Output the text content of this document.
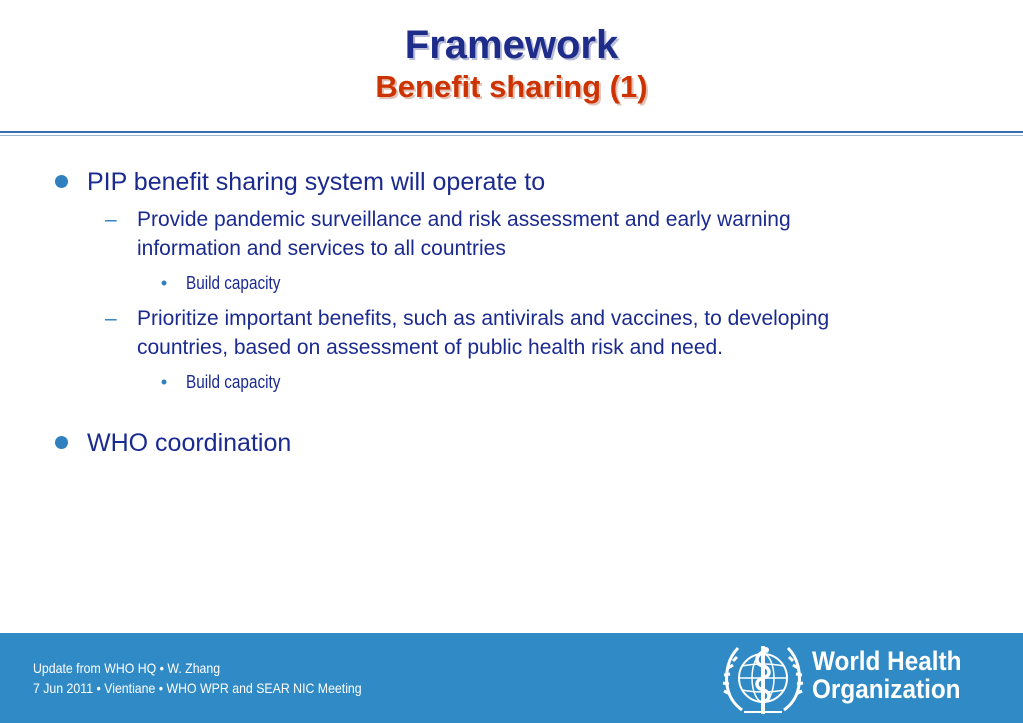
Framework
Benefit sharing (1)
PIP benefit sharing system will operate to
– Provide pandemic surveillance and risk assessment and early warning
information and services to all countries
• Build capacity
– Prioritize important benefits, such as antivirals and vaccines, to developing
countries, based on assessment of public health risk and need.
• Build capacity
WHO coordination
Update from WHO HQ • W. Zhang
7 Jun 2011 • Vientiane • WHO WPR and SEAR NIC Meeting
World Health
Organization
